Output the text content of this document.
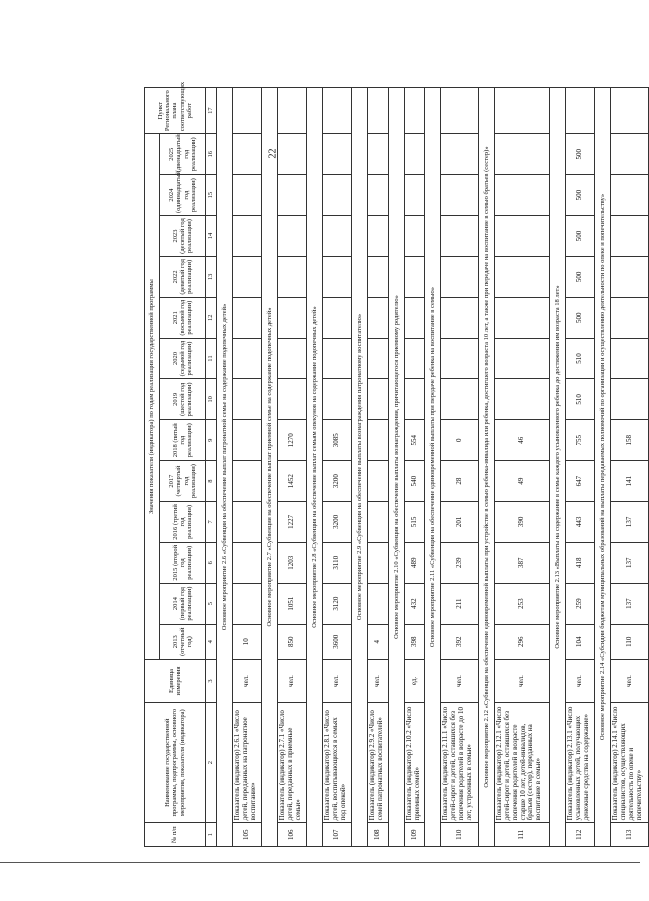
22
№ п/п	Наименование государственной программы, подпрограммы, основного мероприятия, показателя (индикатора)	Единица измерения	Значения показателя (индикатора) по годам реализации государственной программы													Пункт Регионального плана соответствующих работ
			2013 (отчетный год)	2014 (первый год реализации)	2015 (второй год реализации)	2016 (третий год реализации)	2017 (четвертый год реализации)	2018 (пятый год реализации)	2019 (шестой год реализации)	2020 (седьмой год реализации)	2021 (восьмой год реализации)	2022 (девятый год реализации)	2023 (десятый год реализации)	2024 (одиннадцатый год реализации)	2025 (двенадцатый год реализации)	
1	2	3	4	5	6	7	8	9	10	11	12	13	14	15	16	17
Основное мероприятие 2.6 «Субвенция на обеспечение выплат патронатной семье на содержание подопечных детей»																
105	Показатель (индикатор) 2.6.1 «Число детей, переданных на патронатное воспитание»	чел.	10													
Основное мероприятие 2.7 «Субвенция на обеспечение выплат приемной семье на содержание подопечных детей»																
106	Показатель (индикатор) 2.7.1 «Число детей, переданных в приемные семьи»	чел.	850	1051	1203	1227	1452	1270								
Основное мероприятие 2.8 «Субвенция на обеспечение выплат семьям опекунов на содержание подопечных детей»																
107	Показатель (индикатор) 2.8.1 «Число детей, воспитывающихся в семьях под опекой»	чел.	3600	3120	3110	3200	3200	3085								
Основное мероприятие 2.9 «Субвенция на обеспечение выплаты вознаграждения патронатному воспитателю»																
108	Показатель (индикатор) 2.9.2 «Число семей патронатных воспитателей»	чел.	4													
Основное мероприятие 2.10 «Субвенция на обеспечение выплаты вознаграждения, причитающегося приемному родителю»																
109	Показатель (индикатор) 2.10.2 «Число приемных семей»	ед.	398	432	489	515	540	554								
Основное мероприятие 2.11 «Субвенция на обеспечение единовременной выплаты при передаче ребенка на воспитание в семью»																
110	Показатель (индикатор) 2.11.1 «Число детей-сирот и детей, оставшихся без попечения родителей в возрасте до 10 лет, устроенных в семьи»	чел.	392	211	239	201	28	0								
Основное мероприятие 2.12 «Субвенция на обеспечение единовременной выплаты при устройстве в семью ребенка-инвалида или ребенка, достигшего возраста 10 лет, а также при передаче на воспитание в семью братьев (сестер)»																
111	Показатель (индикатор) 2.12.1 «Число детей-сирот и детей, оставшихся без попечения родителей в возрасте старше 10 лет, детей-инвалидов, братьев (сестер), переданных на воспитание в семьи»	чел.	296	253	387	390	49	46								
Основное мероприятие 2.13 «Выплаты на содержание в семье каждого усыновленного ребенка до достижения им возраста 18 лет»																
112	Показатель (индикатор) 2.13.1 «Число усыновленных детей, получающих денежные средства на содержание»	чел.	104	259	418	443	647	755	510	510	500	500	500	500	500	
Основное мероприятие 2.14 «Субсидии бюджетам муниципальных образований на выплаты передаваемых полномочий по организации и осуществлению деятельности по опеке и попечительству»																
113	Показатель (индикатор) 2.14.1 «Число специалистов, осуществляющих деятельность по опеке и попечительству»	чел.	110	137	137	137	141	158								
